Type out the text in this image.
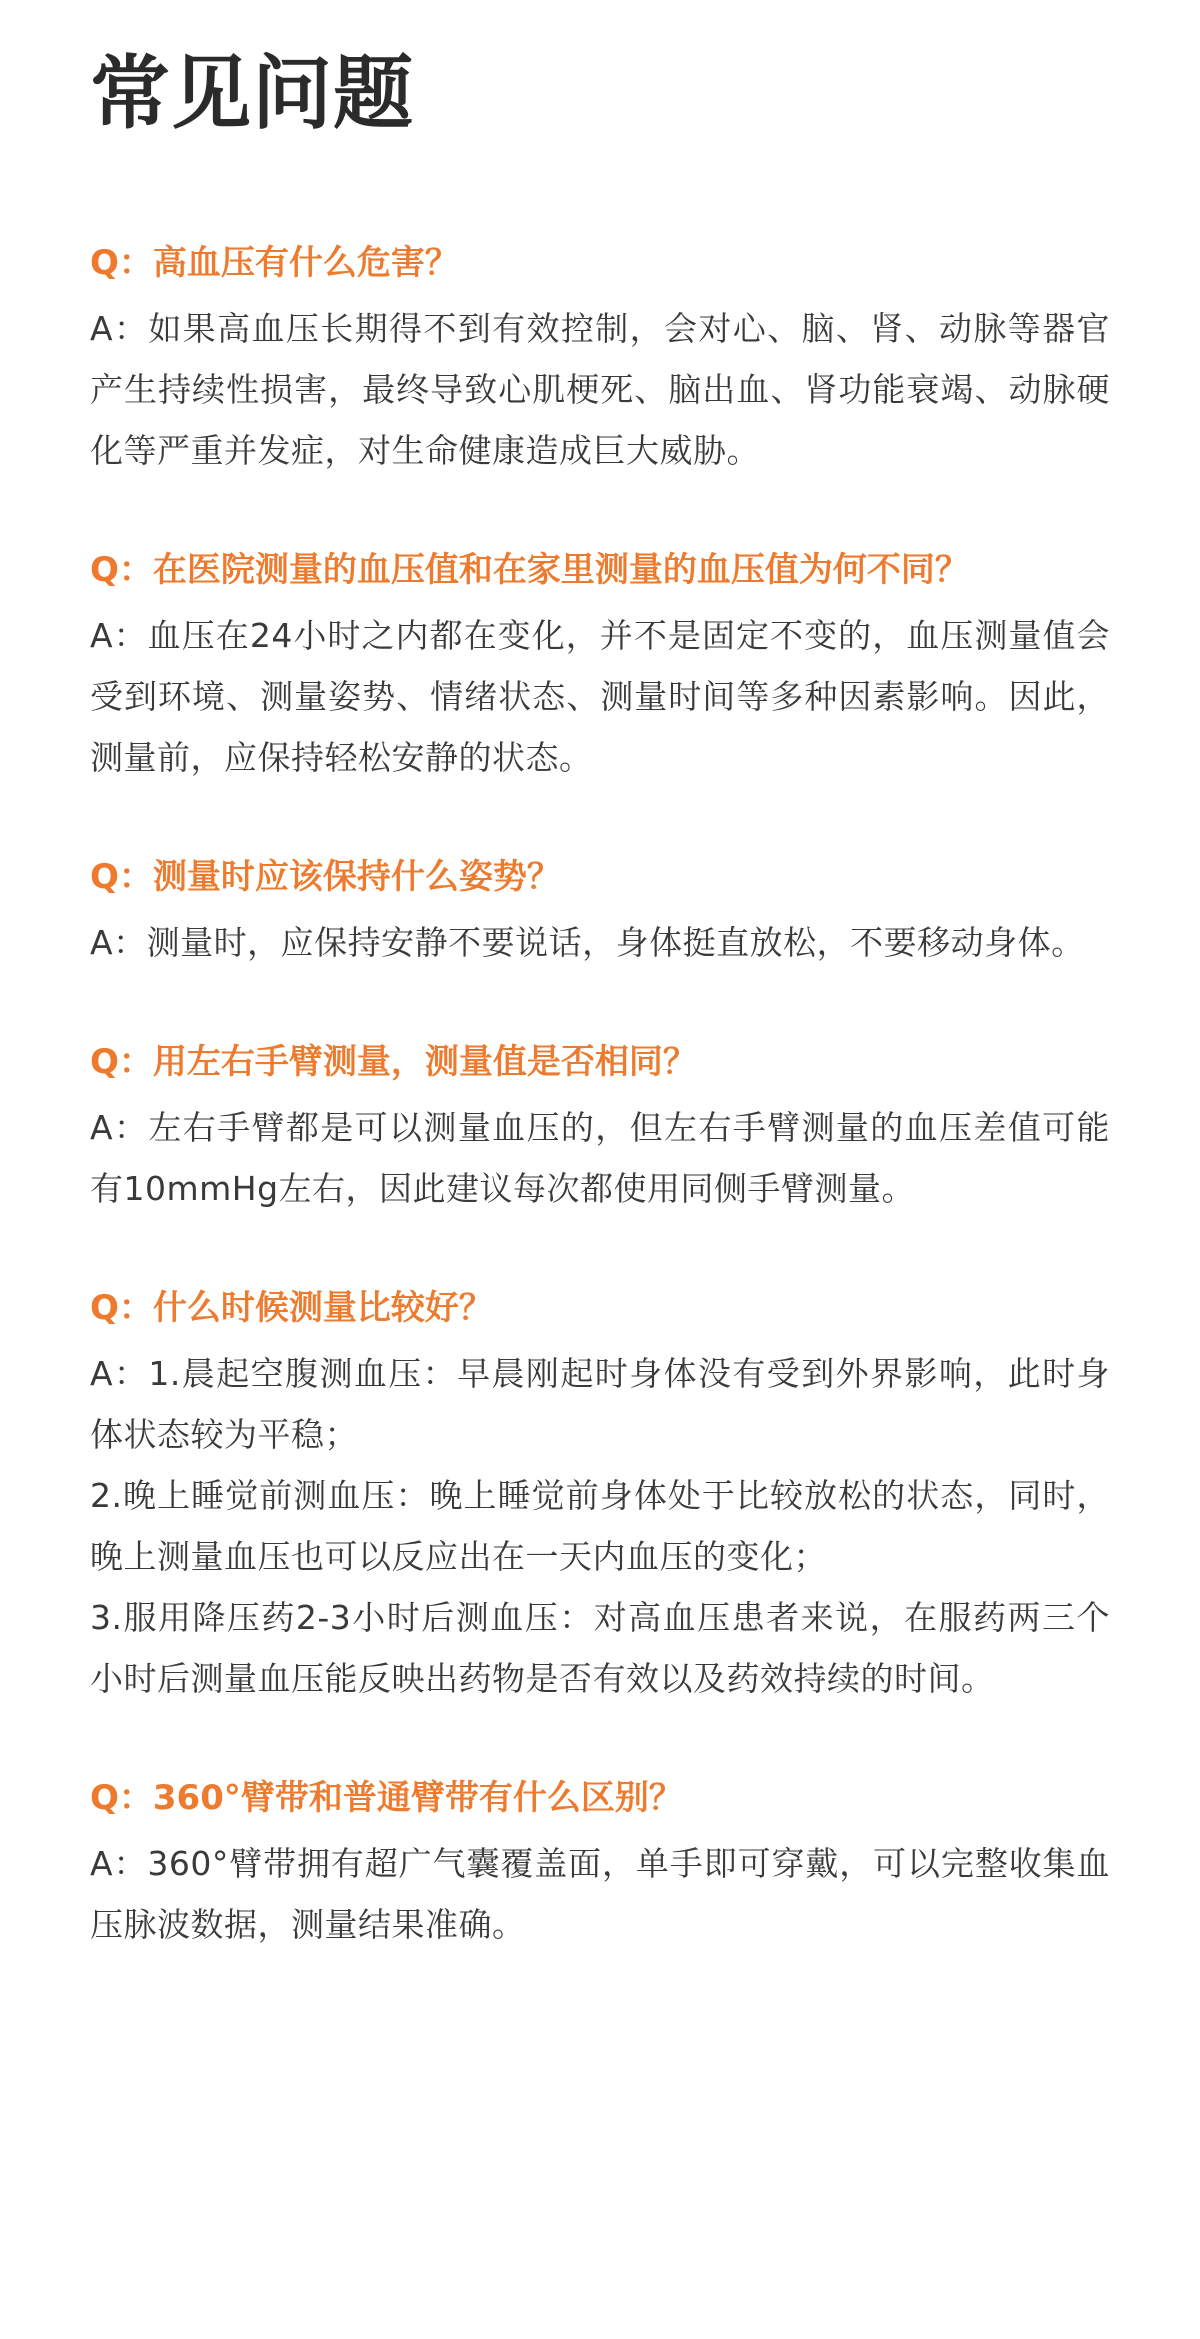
常见问题

Q：高血压有什么危害？

A：如果高血压长期得不到有效控制，会对心、脑、肾、动脉等器官产生持续性损害，最终导致心肌梗死、脑出血、肾功能衰竭、动脉硬化等严重并发症，对生命健康造成巨大威胁。

Q：在医院测量的血压值和在家里测量的血压值为何不同？

A：血压在24小时之内都在变化，并不是固定不变的，血压测量值会受到环境、测量姿势、情绪状态、测量时间等多种因素影响。因此，测量前，应保持轻松安静的状态。

Q：测量时应该保持什么姿势？

A：测量时，应保持安静不要说话，身体挺直放松，不要移动身体。

Q：用左右手臂测量，测量值是否相同？

A：左右手臂都是可以测量血压的，但左右手臂测量的血压差值可能有10mmHg左右，因此建议每次都使用同侧手臂测量。

Q：什么时候测量比较好？

A：1.晨起空腹测血压：早晨刚起时身体没有受到外界影响，此时身体状态较为平稳；
2.晚上睡觉前测血压：晚上睡觉前身体处于比较放松的状态，同时，晚上测量血压也可以反应出在一天内血压的变化；
3.服用降压药2-3小时后测血压：对高血压患者来说，在服药两三个小时后测量血压能反映出药物是否有效以及药效持续的时间。

Q：360°臂带和普通臂带有什么区别？

A：360°臂带拥有超广气囊覆盖面，单手即可穿戴，可以完整收集血压脉波数据，测量结果准确。
